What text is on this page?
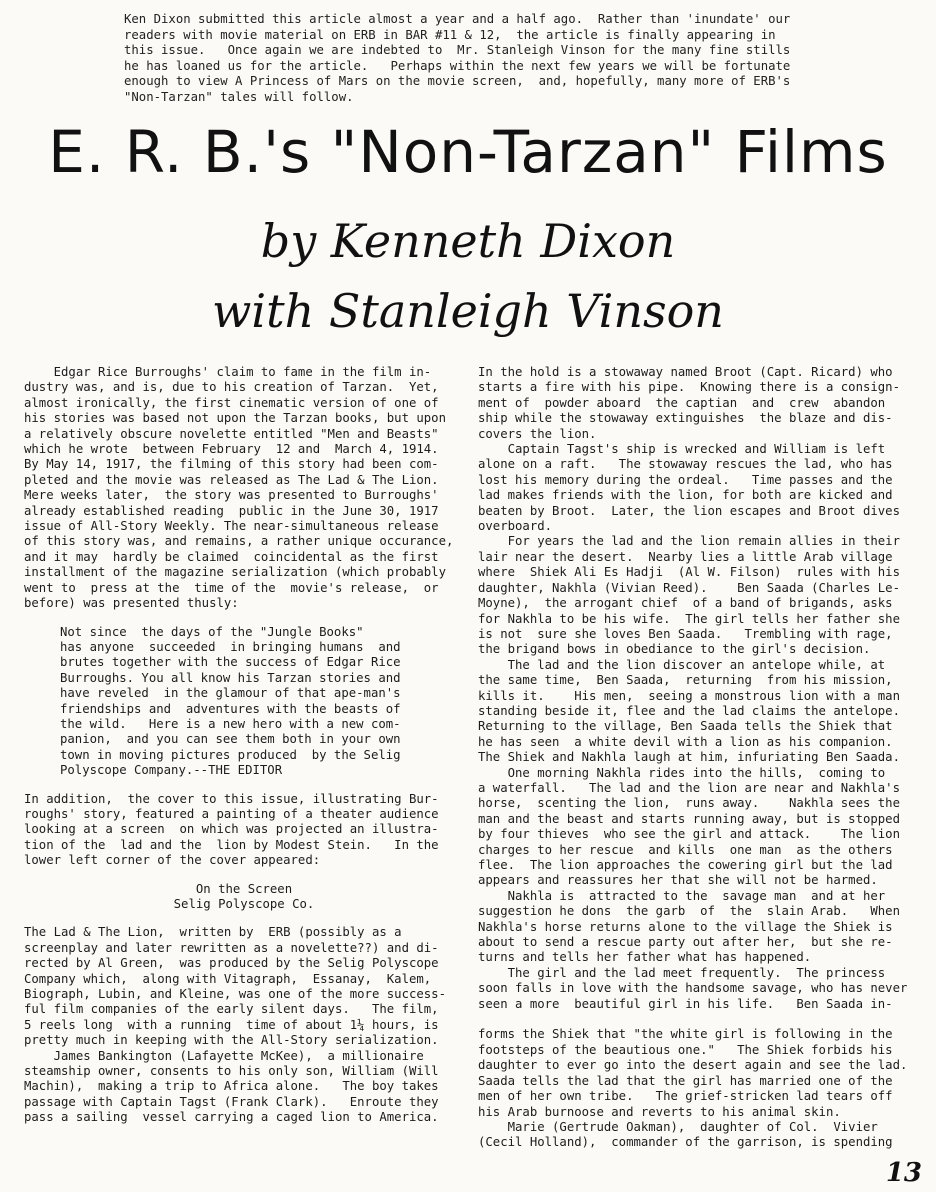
Ken Dixon submitted this article almost a year and a half ago.  Rather than 'inundate' our
readers with movie material on ERB in BAR #11 & 12,  the article is finally appearing in
this issue.   Once again we are indebted to  Mr. Stanleigh Vinson for the many fine stills
he has loaned us for the article.   Perhaps within the next few years we will be fortunate
enough to view A Princess of Mars on the movie screen,  and, hopefully, many more of ERB's
"Non-Tarzan" tales will follow.
E. R. B.'s "Non-Tarzan" Films
by Kenneth Dixon
with Stanleigh Vinson
Edgar Rice Burroughs' claim to fame in the film in-
dustry was, and is, due to his creation of Tarzan.  Yet,
almost ironically, the first cinematic version of one of
his stories was based not upon the Tarzan books, but upon
a relatively obscure novelette entitled "Men and Beasts"
which he wrote  between February  12 and  March 4, 1914.
By May 14, 1917, the filming of this story had been com-
pleted and the movie was released as The Lad & The Lion.
Mere weeks later,  the story was presented to Burroughs'
already established reading  public in the June 30, 1917
issue of All-Story Weekly. The near-simultaneous release
of this story was, and remains, a rather unique occurance,
and it may  hardly be claimed  coincidental as the first
installment of the magazine serialization (which probably
went to  press at the  time of the  movie's release,  or
before) was presented thusly:
Not since  the days of the "Jungle Books"
has anyone  succeeded  in bringing humans  and
brutes together with the success of Edgar Rice
Burroughs. You all know his Tarzan stories and
have reveled  in the glamour of that ape-man's
friendships and  adventures with the beasts of
the wild.   Here is a new hero with a new com-
panion,  and you can see them both in your own
town in moving pictures produced  by the Selig
Polyscope Company.--THE EDITOR
In addition,  the cover to this issue, illustrating Bur-
roughs' story, featured a painting of a theater audience
looking at a screen  on which was projected an illustra-
tion of the  lad and the  lion by Modest Stein.   In the
lower left corner of the cover appeared:
On the Screen
Selig Polyscope Co.
The Lad & The Lion,  written by  ERB (possibly as a
screenplay and later rewritten as a novelette??) and di-
rected by Al Green,  was produced by the Selig Polyscope
Company which,  along with Vitagraph,  Essanay,  Kalem,
Biograph, Lubin, and Kleine, was one of the more success-
ful film companies of the early silent days.   The film,
5 reels long  with a running  time of about 1¼ hours, is
pretty much in keeping with the All-Story serialization.
James Bankington (Lafayette McKee),  a millionaire
steamship owner, consents to his only son, William (Will
Machin),  making a trip to Africa alone.   The boy takes
passage with Captain Tagst (Frank Clark).   Enroute they
pass a sailing  vessel carrying a caged lion to America.
In the hold is a stowaway named Broot (Capt. Ricard) who
starts a fire with his pipe.  Knowing there is a consign-
ment of  powder aboard  the captian  and  crew  abandon
ship while the stowaway extinguishes  the blaze and dis-
covers the lion.
Captain Tagst's ship is wrecked and William is left
alone on a raft.   The stowaway rescues the lad, who has
lost his memory during the ordeal.   Time passes and the
lad makes friends with the lion, for both are kicked and
beaten by Broot.  Later, the lion escapes and Broot dives
overboard.
For years the lad and the lion remain allies in their
lair near the desert.  Nearby lies a little Arab village
where  Shiek Ali Es Hadji  (Al W. Filson)  rules with his
daughter, Nakhla (Vivian Reed).    Ben Saada (Charles Le-
Moyne),  the arrogant chief  of a band of brigands, asks
for Nakhla to be his wife.  The girl tells her father she
is not  sure she loves Ben Saada.   Trembling with rage,
the brigand bows in obediance to the girl's decision.
The lad and the lion discover an antelope while, at
the same time,  Ben Saada,  returning  from his mission,
kills it.    His men,  seeing a monstrous lion with a man
standing beside it, flee and the lad claims the antelope.
Returning to the village, Ben Saada tells the Shiek that
he has seen  a white devil with a lion as his companion.
The Shiek and Nakhla laugh at him, infuriating Ben Saada.
One morning Nakhla rides into the hills,  coming to
a waterfall.   The lad and the lion are near and Nakhla's
horse,  scenting the lion,  runs away.    Nakhla sees the
man and the beast and starts running away, but is stopped
by four thieves  who see the girl and attack.    The lion
charges to her rescue  and kills  one man  as the others
flee.  The lion approaches the cowering girl but the lad
appears and reassures her that she will not be harmed.
Nakhla is  attracted to the  savage man  and at her
suggestion he dons  the garb  of  the  slain Arab.   When
Nakhla's horse returns alone to the village the Shiek is
about to send a rescue party out after her,  but she re-
turns and tells her father what has happened.
The girl and the lad meet frequently.  The princess
soon falls in love with the handsome savage, who has never
seen a more  beautiful girl in his life.   Ben Saada in-

forms the Shiek that "the white girl is following in the
footsteps of the beautious one."   The Shiek forbids his
daughter to ever go into the desert again and see the lad.
Saada tells the lad that the girl has married one of the
men of her own tribe.   The grief-stricken lad tears off
his Arab burnoose and reverts to his animal skin.
Marie (Gertrude Oakman),  daughter of Col.  Vivier
(Cecil Holland),  commander of the garrison, is spending
13
